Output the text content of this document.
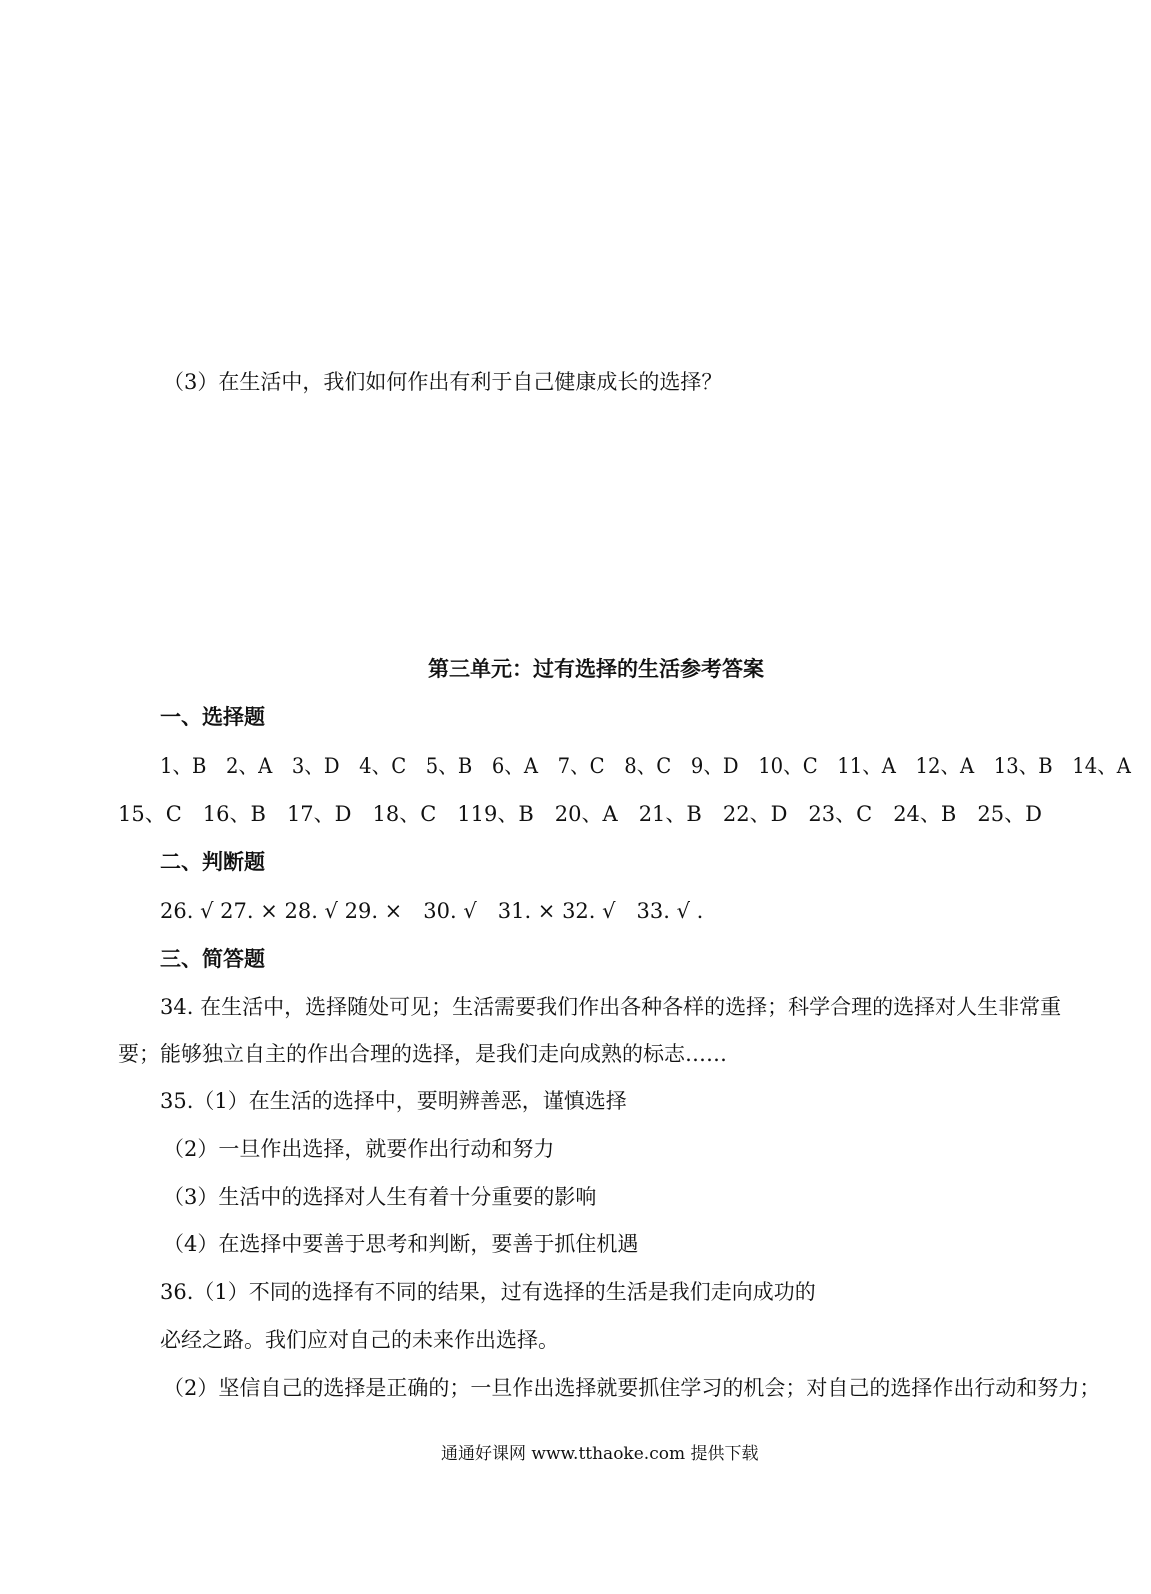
（3）在生活中，我们如何作出有利于自己健康成长的选择？
第三单元：过有选择的生活参考答案
一、选择题
1、B　2、A　3、D　4、C　5、B　6、A　7、C　8、C　9、D　10、C　11、A　12、A　13、B　14、A
15、C　16、B　17、D　18、C　119、B　20、A　21、B　22、D　23、C　24、B　25、D
二、判断题
26. √ 27. × 28. √ 29. ×　30. √　31. × 32. √　33. √ .
三、简答题
34. 在生活中，选择随处可见；生活需要我们作出各种各样的选择；科学合理的选择对人生非常重
要；能够独立自主的作出合理的选择，是我们走向成熟的标志……
35.（1）在生活的选择中，要明辨善恶，谨慎选择
（2）一旦作出选择，就要作出行动和努力
（3）生活中的选择对人生有着十分重要的影响
（4）在选择中要善于思考和判断，要善于抓住机遇
36.（1）不同的选择有不同的结果，过有选择的生活是我们走向成功的
必经之路。我们应对自己的未来作出选择。
（2）坚信自己的选择是正确的；一旦作出选择就要抓住学习的机会；对自己的选择作出行动和努力；
通通好课网 www.tthaoke.com 提供下载
